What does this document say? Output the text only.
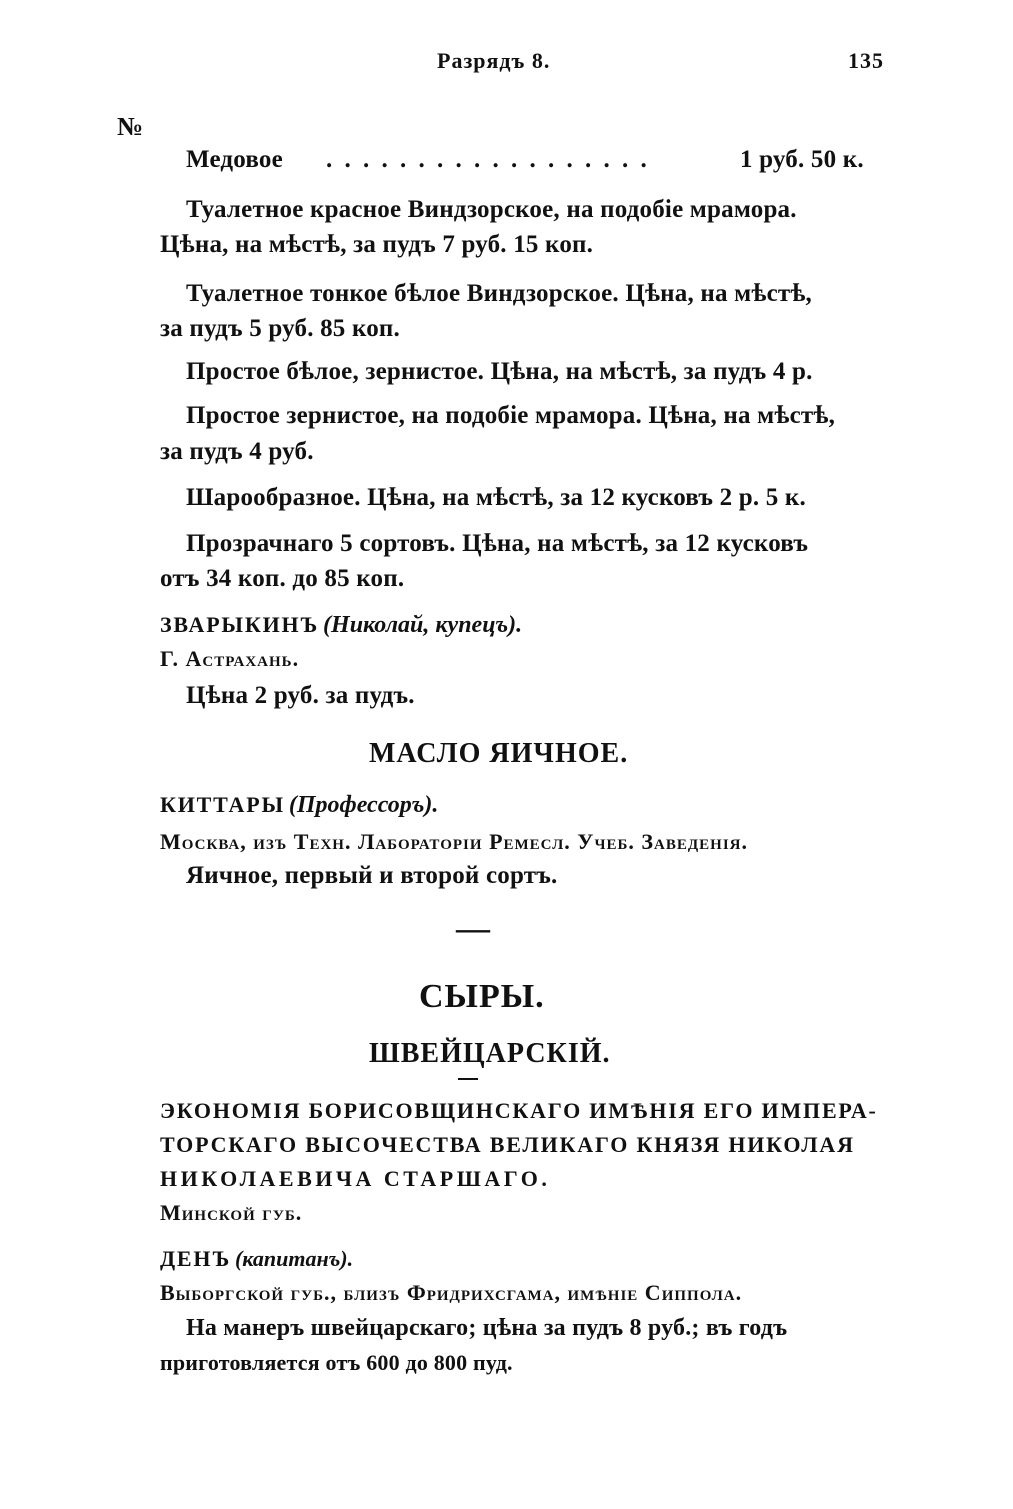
Разрядъ 8.	135
№
Медовое . . . . . . . . . . . . . . . . . .	1 руб. 50 к.
Туалетное красное Виндзорское, на подобіе мрамора.
Цѣна, на мѣстѣ, за пудъ 7 руб. 15 коп.
Туалетное тонкое бѣлое Виндзорское. Цѣна, на мѣстѣ,
за пудъ 5 руб. 85 коп.
Простое бѣлое, зернистое. Цѣна, на мѣстѣ, за пудъ 4 р.
Простое зернистое, на подобіе мрамора. Цѣна, на мѣстѣ,
за пудъ 4 руб.
Шарообразное. Цѣна, на мѣстѣ, за 12 кусковъ 2 р. 5 к.
Прозрачнаго 5 сортовъ. Цѣна, на мѣстѣ, за 12 кусковъ
отъ 34 коп. до 85 коп.
ЗВАРЫКИНЪ (Николай, купецъ).
Г. Астрахань.
Цѣна 2 руб. за пудъ.
МАСЛО ЯИЧНОЕ.
КИТТАРЫ (Профессоръ).
Москва, изъ Техн. Лабораторіи Ремесл. Учеб. Заведенія.
Яичное, первый и второй сортъ.
—
СЫРЫ.
ШВЕЙЦАРСКІЙ.
ЭКОНОМІЯ БОРИСОВЩИНСКАГО ИМѢНІЯ ЕГО ИМПЕРА-
ТОРСКАГО ВЫСОЧЕСТВА ВЕЛИКАГО КНЯЗЯ НИКОЛАЯ
НИКОЛАЕВИЧА СТАРШАГО.
Минской губ.
ДЕНЪ (капитанъ).
Выборгской губ., близъ Фридрихсгама, имѣніе Сиппола.
На манеръ швейцарскаго; цѣна за пудъ 8 руб.; въ годъ
приготовляется отъ 600 до 800 пуд.
